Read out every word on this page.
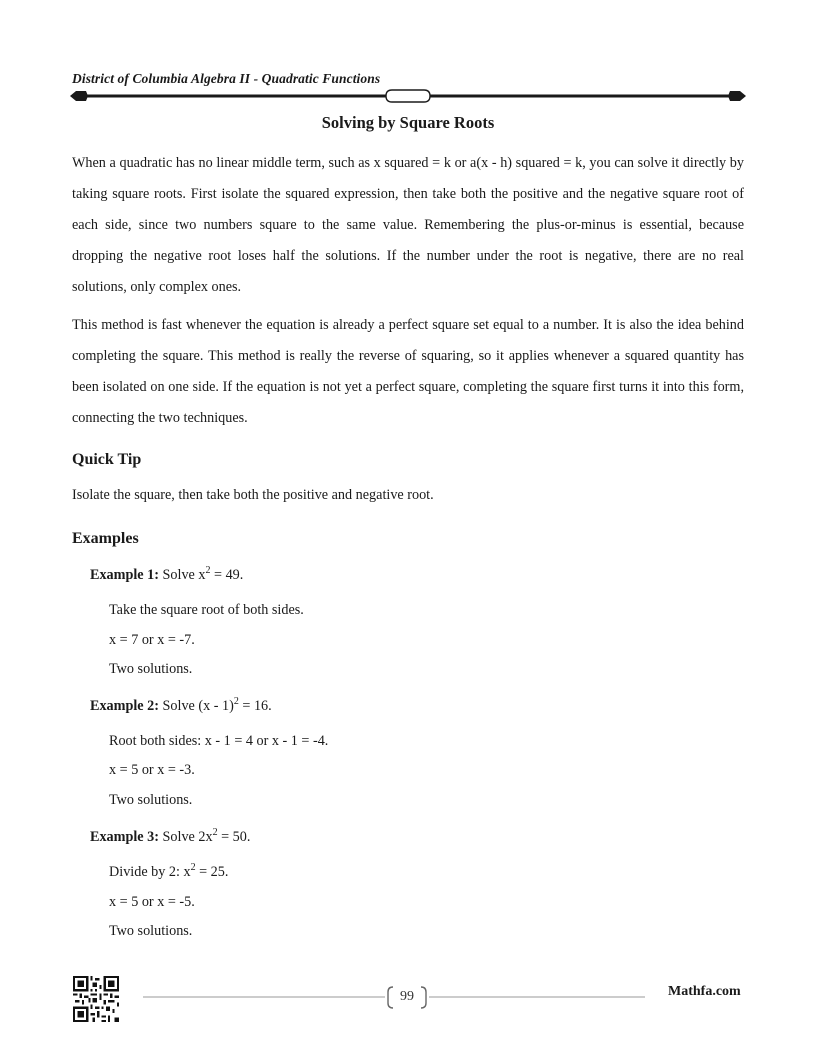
District of Columbia Algebra II - Quadratic Functions
Solving by Square Roots

When a quadratic has no linear middle term, such as x squared = k or a(x - h) squared = k, you can solve it directly by taking square roots. First isolate the squared expression, then take both the positive and the negative square root of each side, since two numbers square to the same value. Remembering the plus-or-minus is essential, because dropping the negative root loses half the solutions. If the number under the root is negative, there are no real solutions, only complex ones.

This method is fast whenever the equation is already a perfect square set equal to a number. It is also the idea behind completing the square. This method is really the reverse of squaring, so it applies whenever a squared quantity has been isolated on one side. If the equation is not yet a perfect square, completing the square first turns it into this form, connecting the two techniques.

Quick Tip
Isolate the square, then take both the positive and negative root.
Examples
Example 1: Solve $x^2 = 49$.
Take the square root of both sides.
x = 7 or x = -7.
Two solutions.
Example 2: Solve (x - 1)$^2$ = 16.
Root both sides: x - 1 = 4 or x - 1 = -4.
x = 5 or x = -3.
Two solutions.
Example 3: Solve $2x^2 = 50$.
Divide by 2: $x^2 = 25$.
x = 5 or x = -5.
Two solutions.
99	Mathfa.com
